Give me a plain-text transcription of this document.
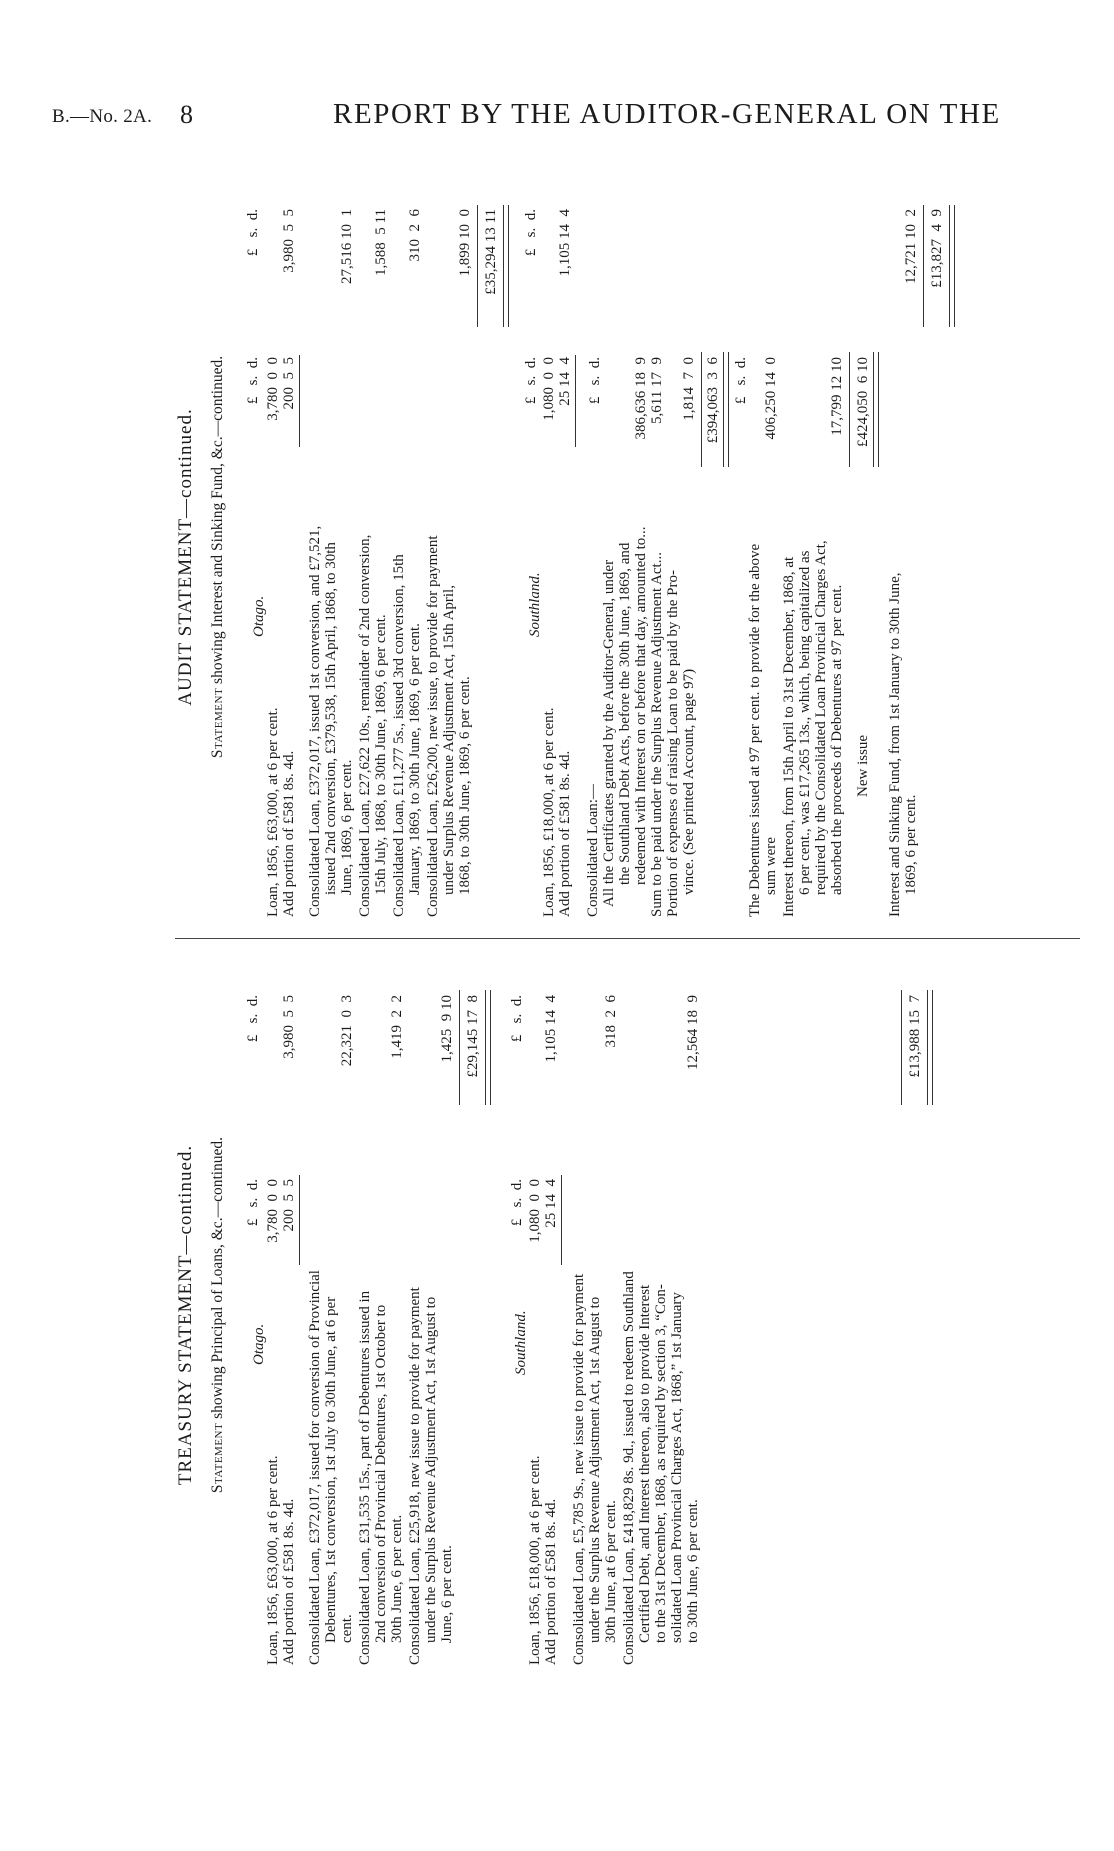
B.—No. 2A. 8	REPORT BY THE AUDITOR-GENERAL ON THE
TREASURY STATEMENT—continued. Statement showing Principal of Loans, &c.—continued. Otago.
£   s.  d.
£   s.  d.
Loan, 1856, £63,000, at 6 per cent.
3,780  0  0
Add portion of £581 8s. 4d.
200  5  5
3,980  5  5
Consolidated Loan, £372,017, issued for conversion of Provincial Debentures, 1st conversion, 1st July to 30th June, at 6 per cent.
22,321  0  3
Consolidated Loan, £31,535 15s., part of Debentures issued in 2nd conversion of Provincial Debentures, 1st October to 30th June, 6 per cent.
1,419  2  2
Consolidated Loan, £25,918, new issue to provide for payment under the Surplus Revenue Adjustment Act, 1st August to June, 6 per cent.
1,425  9 10 £29,145 17  8
Southland.
£   s.  d.
£   s.  d.
Loan, 1856, £18,000, at 6 per cent.
1,080  0  0
Add portion of £581 8s. 4d.
25 14  4
1,105 14  4
Consolidated Loan, £5,785 9s., new issue to provide for payment under the Surplus Revenue Adjustment Act, 1st August to 30th June, at 6 per cent.
318  2  6
Consolidated Loan, £418,829 8s. 9d., issued to redeem Southland Certified Debt, and Interest thereon, also to provide Interest to the 31st December, 1868, as required by section 3, “Con- solidated Loan Provincial Charges Act, 1868,” 1st January to 30th June, 6 per cent.
12,564 18  9	£13,988 15  7
AUDIT STATEMENT—continued.
Statement showing Interest and Sinking Fund, &c.—continued. Otago.
£   s.  d.
£   s.  d.
Loan, 1856, £63,000, at 6 per cent.
3,780  0  0
Add portion of £581 8s. 4d.
200  5  5
3,980  5  5
Consolidated Loan, £372,017, issued 1st conversion, and £7,521, issued 2nd conversion, £379,538, 15th April, 1868, to 30th June, 1869, 6 per cent.
27,516 10  1
Consolidated Loan, £27,622 10s., remainder of 2nd conversion, 15th July, 1868, to 30th June, 1869, 6 per cent.
1,588  5 11
Consolidated Loan, £11,277 5s., issued 3rd conversion, 15th January, 1869, to 30th June, 1869, 6 per cent.
310  2  6
Consolidated Loan, £26,200, new issue, to provide for payment under Surplus Revenue Adjustment Act, 15th April, 1868, to 30th June, 1869, 6 per cent.
1,899 10  0 £35,294 13 11
Southland.
£   s.  d.
£   s.  d.
Loan, 1856, £18,000, at 6 per cent.
1,080  0  0
Add portion of £581 8s. 4d.
25 14  4
1,105 14  4
Consolidated Loan:—
£   s.  d.
All the Certificates granted by the Auditor-General, under the Southland Debt Acts, before the 30th June, 1869, and redeemed with Interest on or before that day, amounted to...
386,636 18  9
Sum to be paid under the Surplus Revenue Adjustment Act...
5,611 17  9
Portion of expenses of raising Loan to be paid by the Pro- vince. (See printed Account, page 97)
1,814  7  0 £394,063  3  6 £   s.  d.
The Debentures issued at 97 per cent. to provide for the above sum were
406,250 14  0
Interest thereon, from 15th April to 31st December, 1868, at 6 per cent., was £17,265 13s., which, being capitalized as required by the Consolidated Loan Provincial Charges Act, absorbed the proceeds of Debentures at 97 per cent.
17,799 12 10
New issue
£424,050  6 10
Interest and Sinking Fund, from 1st January to 30th June, 1869, 6 per cent.
12,721 10  2 £13,827  4  9
